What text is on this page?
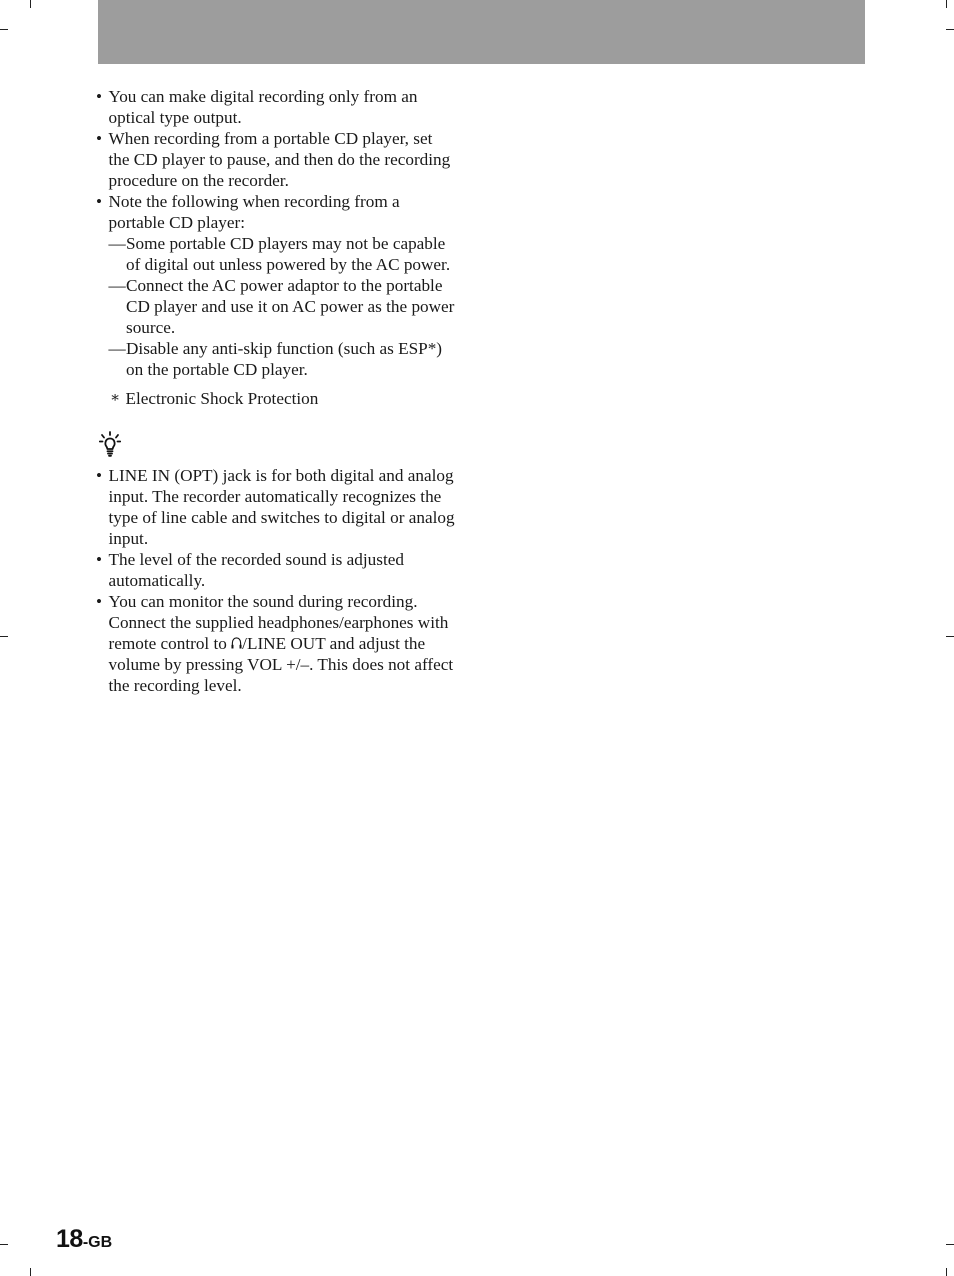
• You can make digital recording only from an optical type output.
• When recording from a portable CD player, set the CD player to pause, and then do the recording procedure on the recorder.
• Note the following when recording from a portable CD player:
— Some portable CD players may not be capable of digital out unless powered by the AC power.
— Connect the AC power adaptor to the portable CD player and use it on AC power as the power source.
— Disable any anti-skip function (such as ESP*) on the portable CD player.
∗ Electronic Shock Protection
• LINE IN (OPT) jack is for both digital and analog input. The recorder automatically recognizes the type of line cable and switches to digital or analog input.
• The level of the recorded sound is adjusted automatically.
• You can monitor the sound during recording. Connect the supplied headphones/earphones with remote control to /LINE OUT and adjust the volume by pressing VOL +/–. This does not affect the recording level.
18-GB
